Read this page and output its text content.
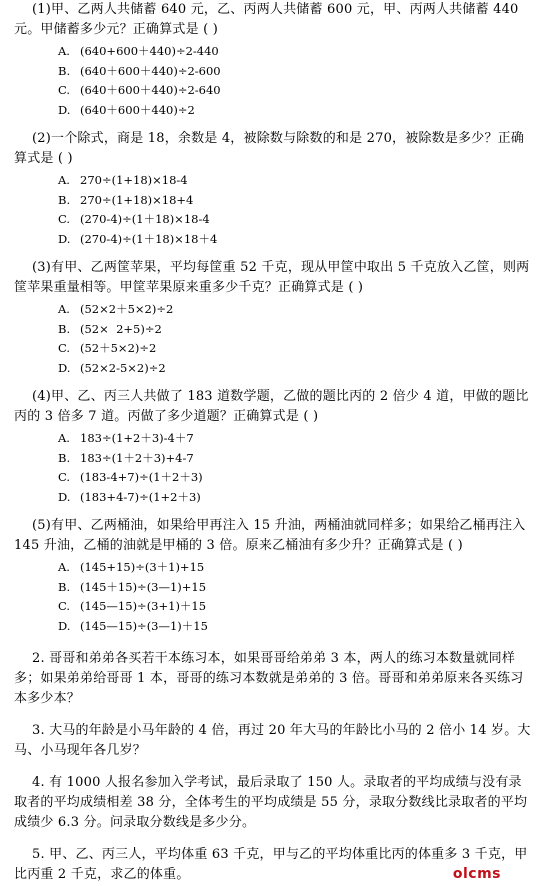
(1)甲、乙两人共储蓄 640 元，乙、丙两人共储蓄 600 元，甲、丙两人共储蓄 440 元。甲储蓄多少元？正确算式是 ( )

A. (640+600＋440)÷2-440
B. (640＋600＋440)÷2-600
C. (640＋600＋440)÷2-640
D. (640＋600＋440)÷2

(2)一个除式，商是 18，余数是 4，被除数与除数的和是 270，被除数是多少？正确算式是 ( )

A. 270÷(1+18)×18-4
B. 270÷(1+18)×18+4
C. (270-4)÷(1＋18)×18-4
D. (270-4)÷(1＋18)×18＋4

(3)有甲、乙两筐苹果，平均每筐重 52 千克，现从甲筐中取出 5 千克放入乙筐，则两筐苹果重量相等。甲筐苹果原来重多少千克？正确算式是 ( )

A. (52×2＋5×2)÷2
B. (52×  2+5)÷2
C. (52＋5×2)÷2
D. (52×2-5×2)÷2

(4)甲、乙、丙三人共做了 183 道数学题，乙做的题比丙的 2 倍少 4 道，甲做的题比丙的 3 倍多 7 道。丙做了多少道题？正确算式是 ( )

A. 183÷(1+2＋3)-4＋7
B. 183÷(1＋2＋3)+4-7
C. (183-4+7)÷(1＋2＋3)
D. (183+4-7)÷(1+2＋3)

(5)有甲、乙两桶油，如果给甲再注入 15 升油，两桶油就同样多；如果给乙桶再注入 145 升油，乙桶的油就是甲桶的 3 倍。原来乙桶油有多少升？正确算式是 ( )

A. (145+15)÷(3＋1)+15
B. (145＋15)÷(3—1)+15
C. (145—15)÷(3+1)＋15
D. (145—15)÷(3—1)＋15

2. 哥哥和弟弟各买若干本练习本，如果哥哥给弟弟 3 本，两人的练习本数量就同样多；如果弟弟给哥哥 1 本，哥哥的练习本数就是弟弟的 3 倍。哥哥和弟弟原来各买练习本多少本？

3. 大马的年龄是小马年龄的 4 倍，再过 20 年大马的年龄比小马的 2 倍小 14 岁。大马、小马现年各几岁？

4. 有 1000 人报名参加入学考试，最后录取了 150 人。录取者的平均成绩与没有录取者的平均成绩相差 38 分，全体考生的平均成绩是 55 分，录取分数线比录取者的平均成绩少 6.3 分。问录取分数线是多少分。

5. 甲、乙、丙三人，平均体重 63 千克，甲与乙的平均体重比丙的体重多 3 千克，甲比丙重 2 千克，求乙的体重。	olcms
